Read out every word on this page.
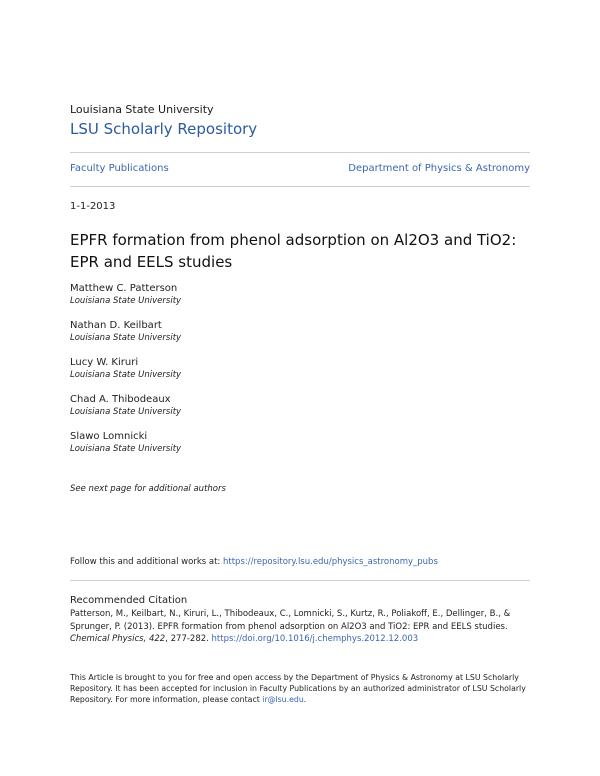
Louisiana State University
LSU Scholarly Repository
Faculty Publications	Department of Physics & Astronomy
1-1-2013
EPFR formation from phenol adsorption on Al2O3 and TiO2: EPR and EELS studies
Matthew C. Patterson
Louisiana State University
Nathan D. Keilbart
Louisiana State University
Lucy W. Kiruri
Louisiana State University
Chad A. Thibodeaux
Louisiana State University
Slawo Lomnicki
Louisiana State University
See next page for additional authors
Follow this and additional works at: https://repository.lsu.edu/physics_astronomy_pubs
Recommended Citation
Patterson, M., Keilbart, N., Kiruri, L., Thibodeaux, C., Lomnicki, S., Kurtz, R., Poliakoff, E., Dellinger, B., & Sprunger, P. (2013). EPFR formation from phenol adsorption on Al2O3 and TiO2: EPR and EELS studies. Chemical Physics, 422, 277-282. https://doi.org/10.1016/j.chemphys.2012.12.003
This Article is brought to you for free and open access by the Department of Physics & Astronomy at LSU Scholarly Repository. It has been accepted for inclusion in Faculty Publications by an authorized administrator of LSU Scholarly Repository. For more information, please contact ir@lsu.edu.
